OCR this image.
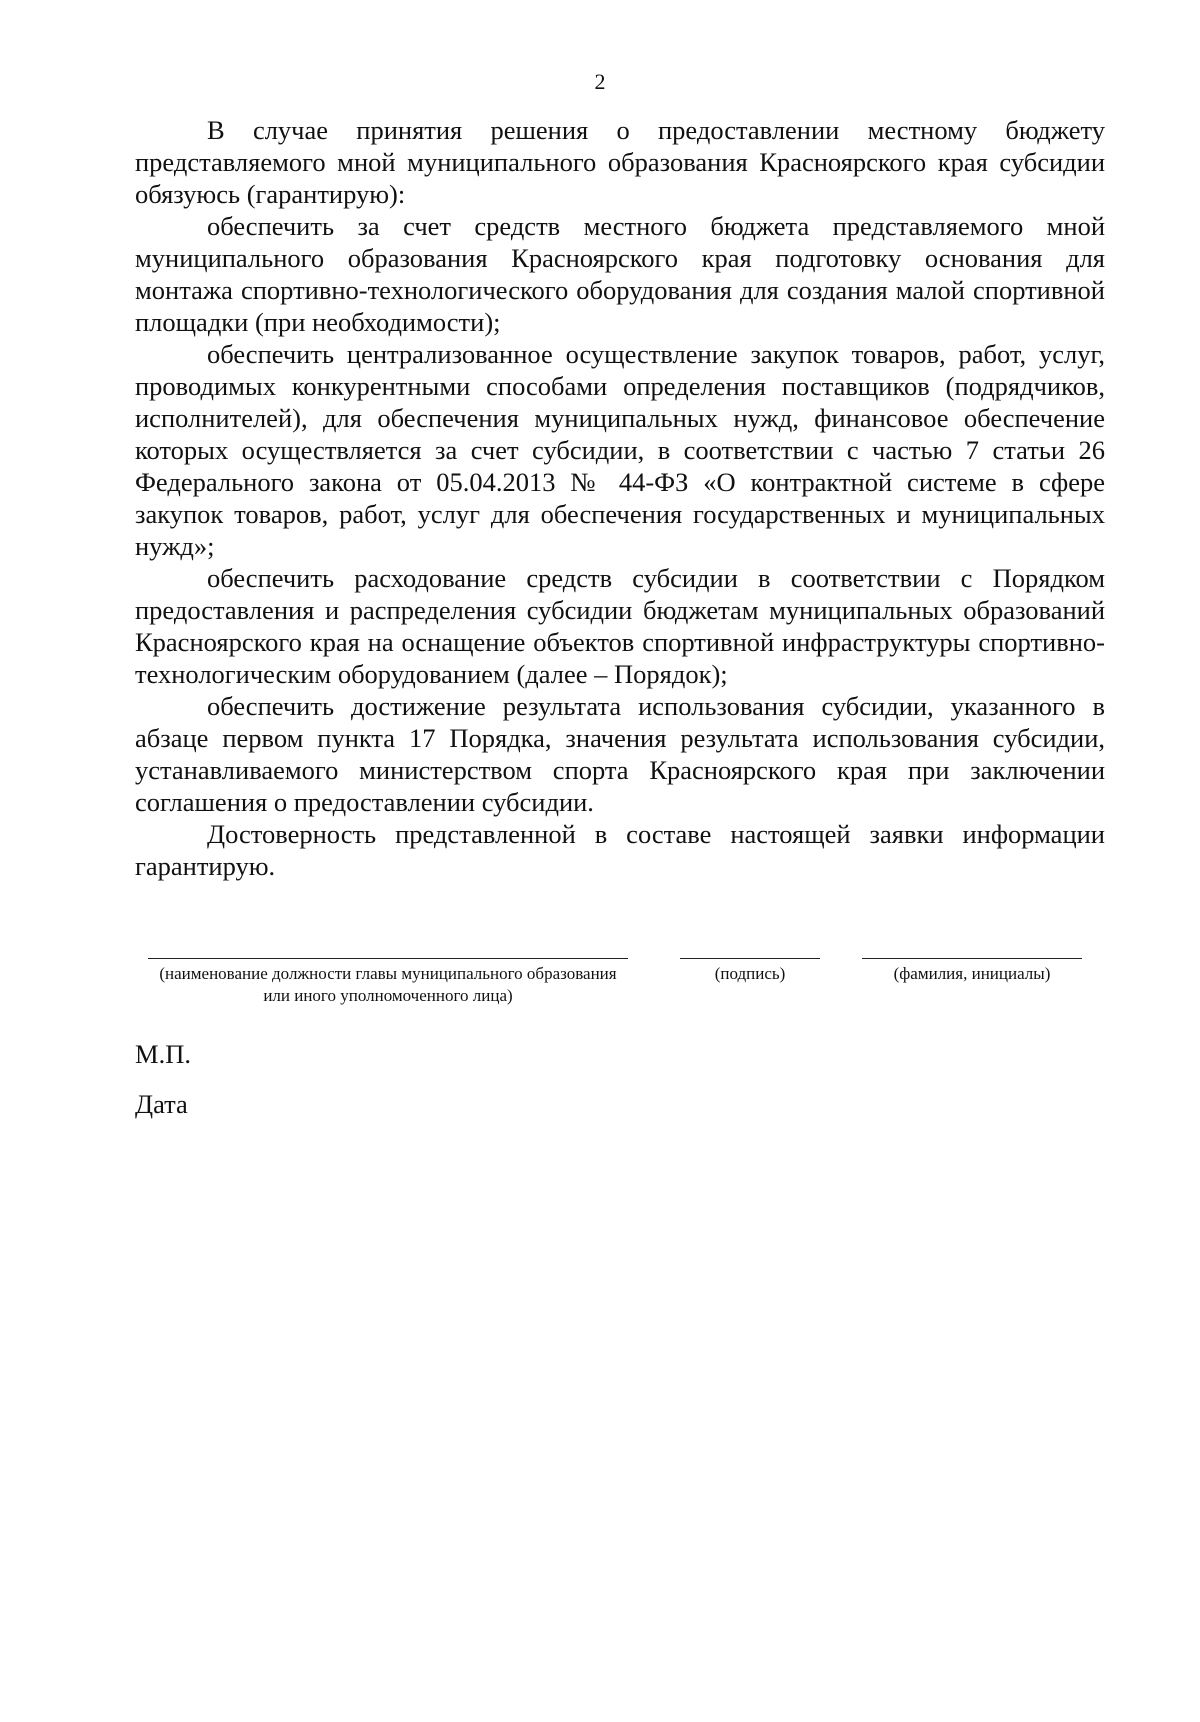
2

В случае принятия решения о предоставлении местному бюджету представляемого мной муниципального образования Красноярского края субсидии обязуюсь (гарантирую):

обеспечить за счет средств местного бюджета представляемого мной муниципального образования Красноярского края подготовку основания для монтажа спортивно-технологического оборудования для создания малой спортивной площадки (при необходимости);

обеспечить централизованное осуществление закупок товаров, работ, услуг, проводимых конкурентными способами определения поставщиков (подрядчиков, исполнителей), для обеспечения муниципальных нужд, финансовое обеспечение которых осуществляется за счет субсидии, в соответствии с частью 7 статьи 26 Федерального закона от 05.04.2013 № 44-ФЗ «О контрактной системе в сфере закупок товаров, работ, услуг для обеспечения государственных и муниципальных нужд»;

обеспечить расходование средств субсидии в соответствии с Порядком предоставления и распределения субсидии бюджетам муниципальных образований Красноярского края на оснащение объектов спортивной инфраструктуры спортивно-технологическим оборудованием (далее – Порядок);

обеспечить достижение результата использования субсидии, указанного в абзаце первом пункта 17 Порядка, значения результата использования субсидии, устанавливаемого министерством спорта Красноярского края при заключении соглашения о предоставлении субсидии.

Достоверность представленной в составе настоящей заявки информации гарантирую.

(наименование должности главы муниципального образования или иного уполномоченного лица)
(подпись)	(фамилия, инициалы)
М.П.
Дата
